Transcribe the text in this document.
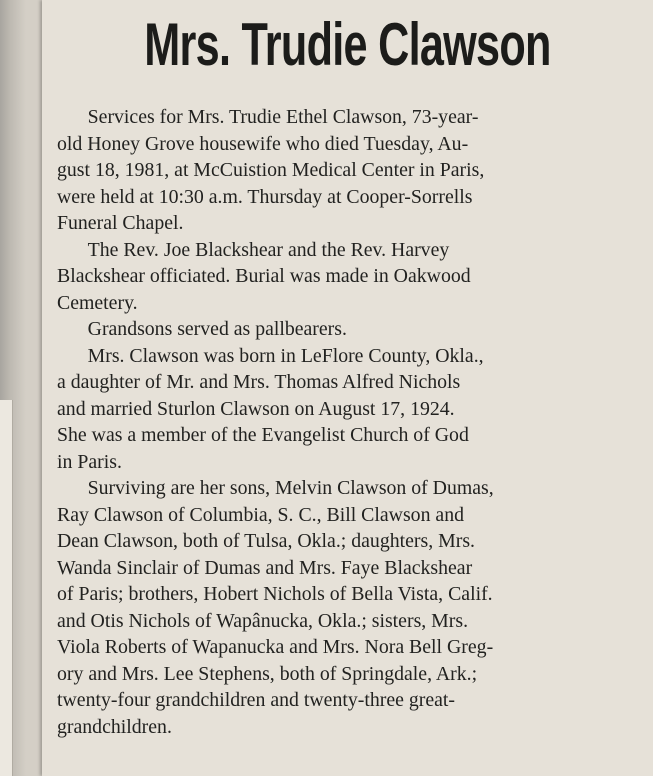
Mrs. Trudie Clawson
Services for Mrs. Trudie Ethel Clawson, 73-year-
old Honey Grove housewife who died Tuesday, Au-
gust 18, 1981, at McCuistion Medical Center in Paris,
were held at 10:30 a.m. Thursday at Cooper-Sorrells
Funeral Chapel.
The Rev. Joe Blackshear and the Rev. Harvey
Blackshear officiated. Burial was made in Oakwood
Cemetery.
Grandsons served as pallbearers.
Mrs. Clawson was born in LeFlore County, Okla.,
a daughter of Mr. and Mrs. Thomas Alfred Nichols
and married Sturlon Clawson on August 17, 1924.
She was a member of the Evangelist Church of God
in Paris.
Surviving are her sons, Melvin Clawson of Dumas,
Ray Clawson of Columbia, S. C., Bill Clawson and
Dean Clawson, both of Tulsa, Okla.; daughters, Mrs.
Wanda Sinclair of Dumas and Mrs. Faye Blackshear
of Paris; brothers, Hobert Nichols of Bella Vista, Calif.
and Otis Nichols of Wapânucka, Okla.; sisters, Mrs.
Viola Roberts of Wapanucka and Mrs. Nora Bell Greg-
ory and Mrs. Lee Stephens, both of Springdale, Ark.;
twenty-four grandchildren and twenty-three great-
grandchildren.
